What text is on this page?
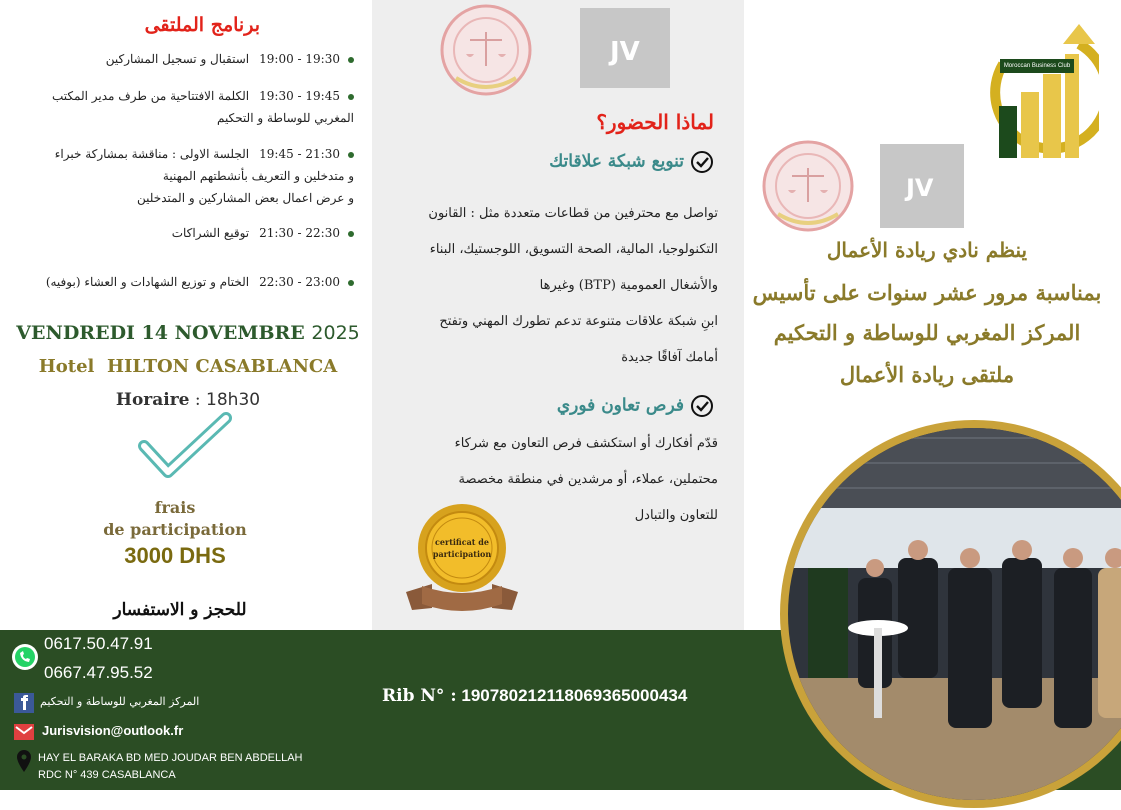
برنامج الملتقى
19:00 - 19:30استقبال و تسجيل المشاركين
19:30 - 19:45الكلمة الافتتاحية من طرف مدير المكتب
المغربي للوساطة و التحكيم
19:45 - 21:30الجلسة الاولى : مناقشة بمشاركة خبراء
و متدخلين و التعريف بأنشطتهم المهنية
و عرض اعمال بعض المشاركين و المتدخلين
21:30 - 22:30توقيع الشراكات
22:30 - 23:00الختام و توزيع الشهادات و العشاء (بوفيه)
VENDREDI 14 NOVEMBRE 2025
Hotel HILTON CASABLANCA
Horaire : 18h30
frais
de participation
3000 DHS
للحجز و الاستفسار
JV
لماذا الحضور؟
تنويع شبكة علاقاتك
تواصل مع محترفين من قطاعات متعددة مثل : القانون
التكنولوجيا، المالية، الصحة التسويق، اللوجستيك، البناء
والأشغال العمومية (BTP) وغيرها
ابنِ شبكة علاقات متنوعة تدعم تطورك المهني وتفتح
أمامك آفاقًا جديدة
فرص تعاون فوري
قدّم أفكارك أو استكشف فرص التعاون مع شركاء
محتملين، عملاء، أو مرشدين في منطقة مخصصة
للتعاون والتبادل
certificat de
participation
Moroccan Business Club
JV
ينظم نادي ريادة الأعمال
بمناسبة مرور عشر سنوات على تأسيس
المركز المغربي للوساطة و التحكيم
ملتقى ريادة الأعمال
0617.50.47.91
0667.47.95.52
المركز المغربي للوساطة و التحكيم
Jurisvision@outlook.fr
HAY EL BARAKA BD MED JOUDAR BEN ABDELLAH
RDC N° 439 CASABLANCA
Rib N° : 190780212118069365000434
